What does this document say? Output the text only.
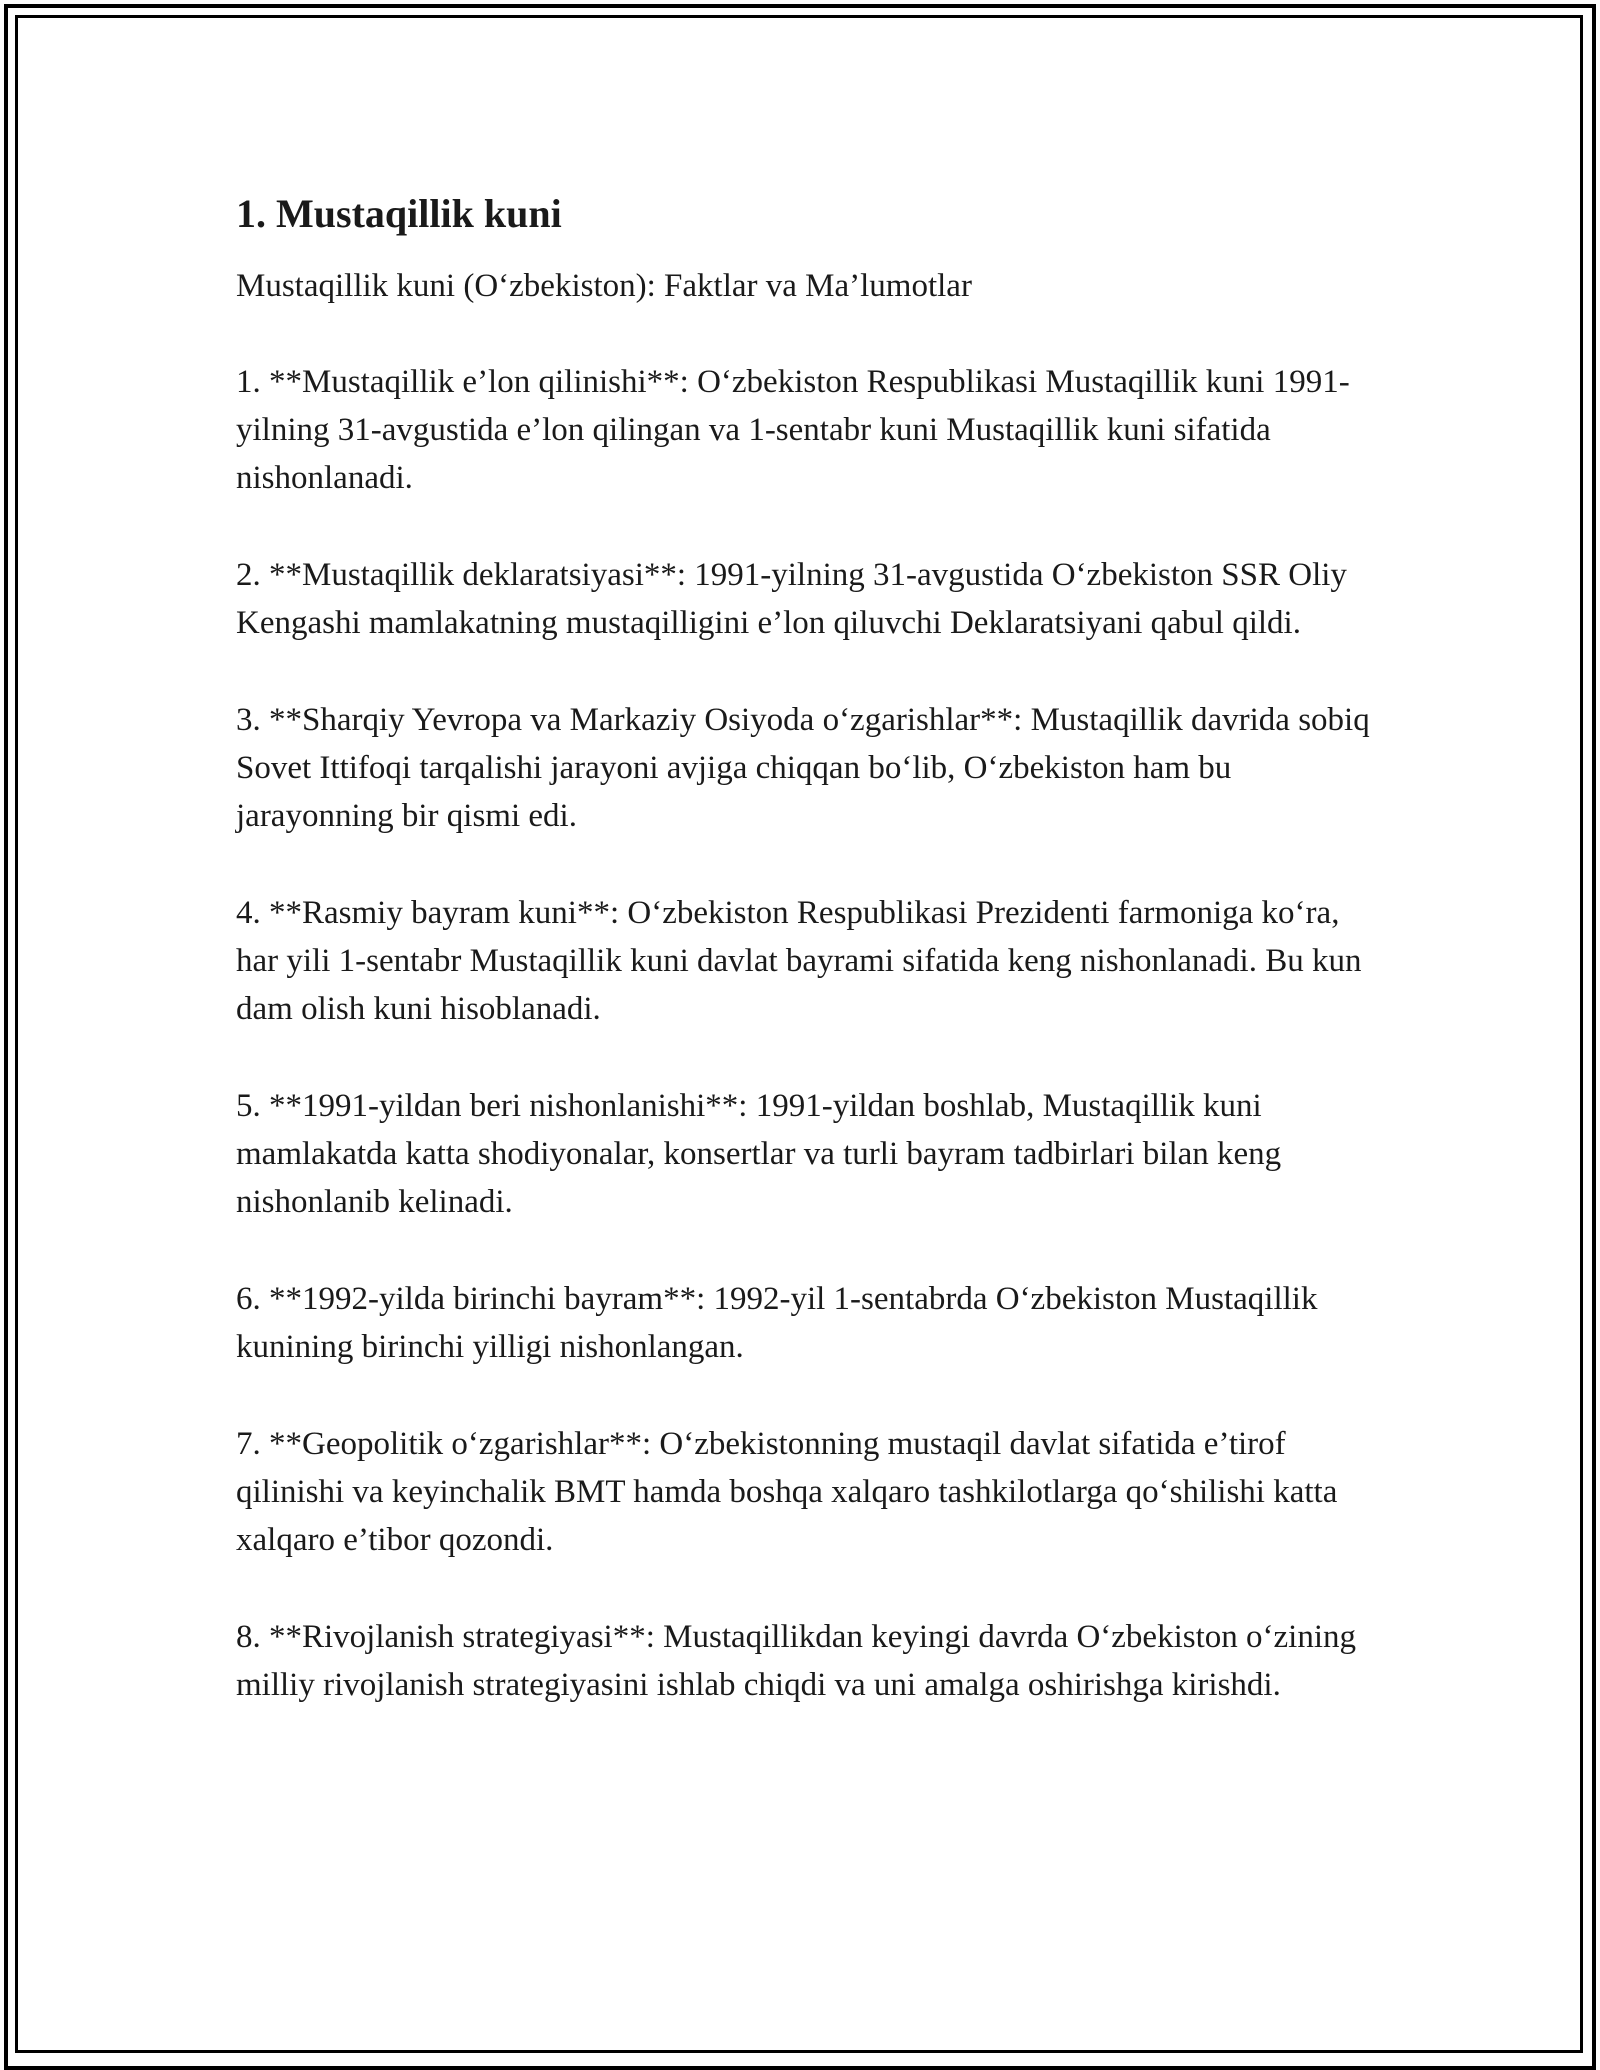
1. Mustaqillik kuni

Mustaqillik kuni (O‘zbekiston): Faktlar va Ma’lumotlar

1. **Mustaqillik e’lon qilinishi**: O‘zbekiston Respublikasi Mustaqillik kuni 1991-yilning 31-avgustida e’lon qilingan va 1-sentabr kuni Mustaqillik kuni sifatida nishonlanadi.

2. **Mustaqillik deklaratsiyasi**: 1991-yilning 31-avgustida O‘zbekiston SSR Oliy Kengashi mamlakatning mustaqilligini e’lon qiluvchi Deklaratsiyani qabul qildi.

3. **Sharqiy Yevropa va Markaziy Osiyoda o‘zgarishlar**: Mustaqillik davrida sobiq Sovet Ittifoqi tarqalishi jarayoni avjiga chiqqan bo‘lib, O‘zbekiston ham bu jarayonning bir qismi edi.

4. **Rasmiy bayram kuni**: O‘zbekiston Respublikasi Prezidenti farmoniga ko‘ra, har yili 1-sentabr Mustaqillik kuni davlat bayrami sifatida keng nishonlanadi. Bu kun dam olish kuni hisoblanadi.

5. **1991-yildan beri nishonlanishi**: 1991-yildan boshlab, Mustaqillik kuni mamlakatda katta shodiyonalar, konsertlar va turli bayram tadbirlari bilan keng nishonlanib kelinadi.

6. **1992-yilda birinchi bayram**: 1992-yil 1-sentabrda O‘zbekiston Mustaqillik kunining birinchi yilligi nishonlangan.

7. **Geopolitik o‘zgarishlar**: O‘zbekistonning mustaqil davlat sifatida e’tirof qilinishi va keyinchalik BMT hamda boshqa xalqaro tashkilotlarga qo‘shilishi katta xalqaro e’tibor qozondi.

8. **Rivojlanish strategiyasi**: Mustaqillikdan keyingi davrda O‘zbekiston o‘zining milliy rivojlanish strategiyasini ishlab chiqdi va uni amalga oshirishga kirishdi.
